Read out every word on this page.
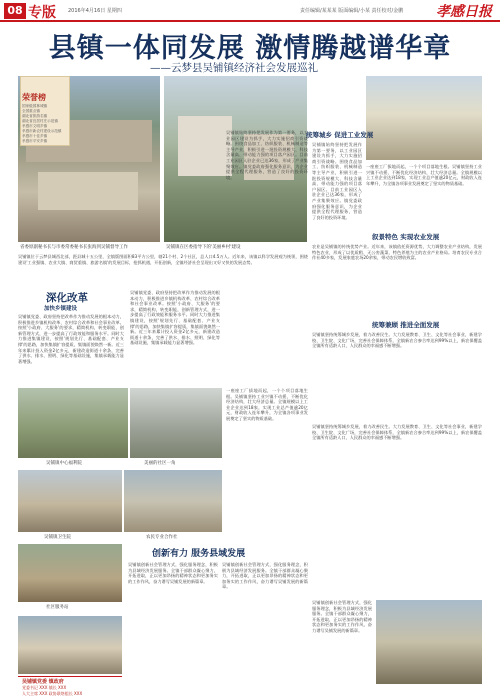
08 专版 2016年4月16日 星期四	责任编辑/某某某 版面编辑/小某 责任校对/金鹏 孝感日报
县镇一体同发展 激情腾越谱华章
——云梦县吴铺镇经济社会发展巡礼
荣誉榜
国家级园林城镇
全国重点镇
湖北省旅游名镇
湖北省宜居村庄示范镇
孝感市文明乡镇
孝感市新农村建设示范镇
孝感市十佳乡镇
孝感市平安乡镇
省委原副秘书长与市委常委秘书长张海到吴铺督导工作	吴铺镇在区委指导下的'美丽乡村'建设
吴铺镇位于云梦县城西北部，距县城十五公里，全镇版图面积83平方公里，辖21个村、2个社区，总人口4.5万人。近年来，该镇以科学发展观为统领，围绕建设'工业强镇、农业大镇、商贸重镇、旅游名镇'的发展目标，抢抓机遇，开拓创新，全镇经济社会呈现出又好又快的发展态势。
深化改革
加快乡镇建设
吴铺镇党委、政府坚持把改革作为推动发展的根本动力，积极推进乡镇机构改革、农村综合改革和社会事业改革。按照'小政府、大服务'的要求，精简机构，转变职能，创新管理方式，进一步提高了行政效能和服务水平。同时大力推进集镇建设，按照'规划先行、基础配套、产业支撑'的思路，加快集镇扩容提质，集镇面貌焕然一新。近三年来累计投入资金2亿多元，新建改造街道十余条，完善了供水、排水、照明、绿化等基础设施，集镇承载能力显著增强。
吴铺镇党委、政府坚持把改革作为推动发展的根本动力，积极推进乡镇机构改革、农村综合改革和社会事业改革。按照'小政府、大服务'的要求，精简机构，转变职能，创新管理方式，进一步提高了行政效能和服务水平。同时大力推进集镇建设，按照'规划先行、基础配套、产业支撑'的思路，加快集镇扩容提质，集镇面貌焕然一新。近三年来累计投入资金2亿多元，新建改造街道十余条，完善了供水、排水、照明、绿化等基础设施，集镇承载能力显著增强。
吴铺镇始终坚持把发展作为第一要务，以工业园区建设为抓手，大力实施招商引资战略。围绕食品加工、纺织服装、机械制造等主导产业，积极引进一批投资规模大、科技含量高、带动能力强的项目落户园区。目前工业园区入驻企业已达36家，形成了产业集聚效应。镇党委政府强化服务意识，为企业提供全程代理服务，营造了良好的投资环境。
统筹城乡 促进工业发展
吴铺镇始终坚持把发展作为第一要务，以工业园区建设为抓手，大力实施招商引资战略。围绕食品加工、纺织服装、机械制造等主导产业，积极引进一批投资规模大、科技含量高、带动能力强的项目落户园区。目前工业园区入驻企业已达36家，形成了产业集聚效应。镇党委政府强化服务意识，为企业提供全程代理服务，营造了良好的投资环境。
一座座工厂拔地而起，一个个项目落地生根。吴铺镇坚持工业兴镇不动摇，不断优化经济结构，壮大经济总量。全镇规模以上工业企业达到18家，实现工业总产值逾20亿元，财政收入连年攀升，为全镇各项事业发展奠定了坚实的物质基础。
叙景特色 实现农业发展
农业是吴铺镇的传统优势产业。近年来，该镇依托资源优势，大力调整农业产业结构，发展特色农业，形成了以优质稻、无公害蔬菜、特色养殖为主的农业产业格局。培育农民专业合作社40多家，发展家庭农场20余家，带动农民增收致富。
统筹兼顾 推进全面发展
吴铺镇坚持统筹城乡发展，着力改善民生。大力发展教育、卫生、文化等社会事业，新建学校、卫生院、文化广场，完善社会保障体系，全镇新农合参合率达到99%以上，新农保覆盖全镇所有适龄人口，人民群众的幸福感不断增强。
吴铺镇坚持统筹城乡发展，着力改善民生。大力发展教育、卫生、文化等社会事业，新建学校、卫生院、文化广场，完善社会保障体系，全镇新农合参合率达到99%以上，新农保覆盖全镇所有适龄人口，人民群众的幸福感不断增强。
吴铺镇中心福利院	美丽的社区一角
吴铺镇卫生院	农民专业合作社
社区服务站
一座座工厂拔地而起，一个个项目落地生根。吴铺镇坚持工业兴镇不动摇，不断优化经济结构，壮大经济总量。全镇规模以上工业企业达到18家，实现工业总产值逾20亿元，财政收入连年攀升，为全镇各项事业发展奠定了坚实的物质基础。
创新有力 服务县域发展
吴铺镇创新社会管理方式，强化服务理念，积极为县域经济发展服务。全镇干部群众凝心聚力，开拓进取，正以更加昂扬的精神状态和更加务实的工作作风，奋力谱写吴铺发展的新篇章。
吴铺镇创新社会管理方式，强化服务理念，积极为县域经济发展服务。全镇干部群众凝心聚力，开拓进取，正以更加昂扬的精神状态和更加务实的工作作风，奋力谱写吴铺发展的新篇章。
吴铺镇创新社会管理方式，强化服务理念，积极为县域经济发展服务。全镇干部群众凝心聚力，开拓进取，正以更加昂扬的精神状态和更加务实的工作作风，奋力谱写吴铺发展的新篇章。
吴铺镇党委 镇政府
党委书记 XXX 镇长 XXX
人大主席 XXX 政协联络组长 XXX
